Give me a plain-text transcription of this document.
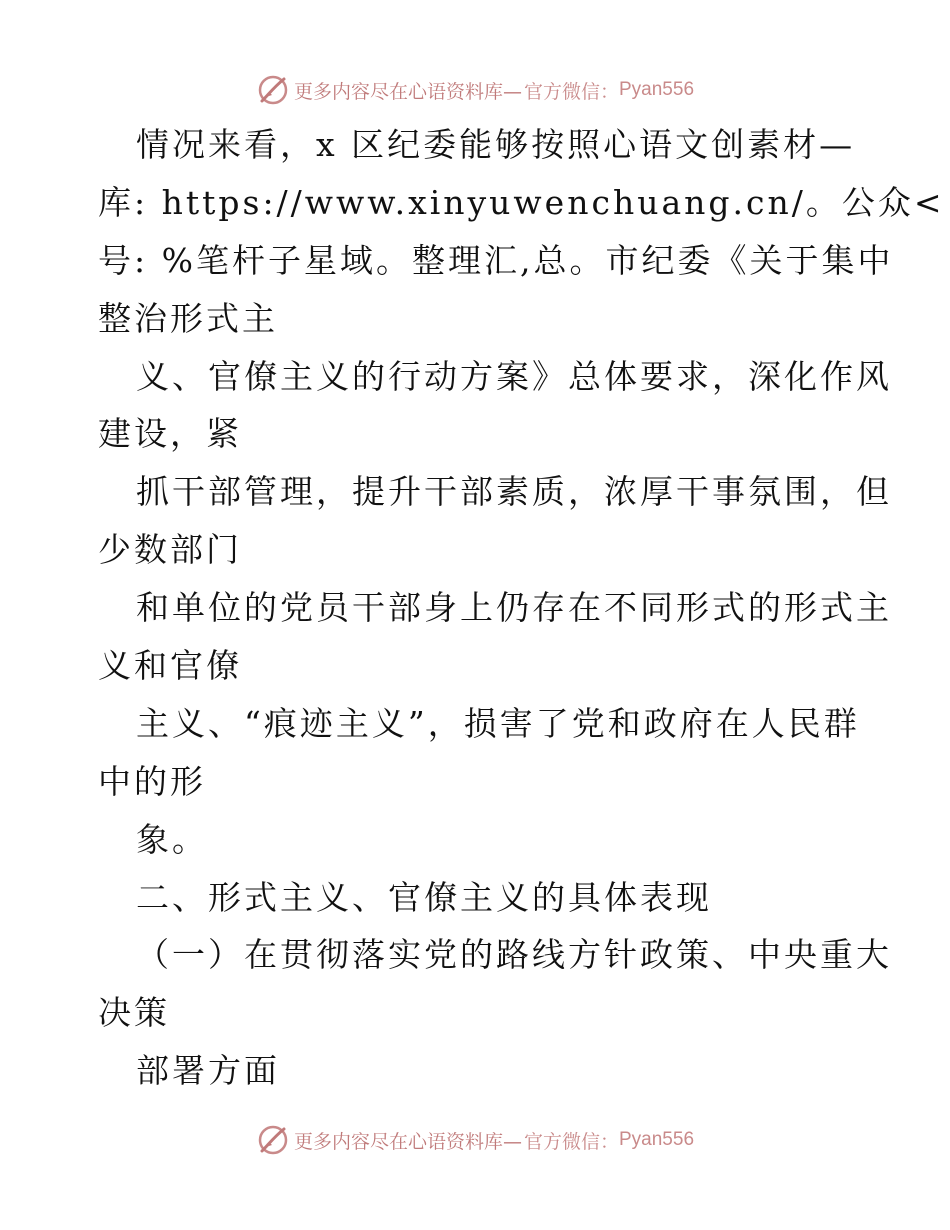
更多内容尽在心语资料库— 官方微信： Pyan556
情况来看，x 区纪委能够按照心语文创素材—
库: https://www.xinyuwenchuang.cn/。公众<
号: %笔杆子星域。整理汇,总。市纪委《关于集中
整治形式主
义、官僚主义的行动方案》总体要求，深化作风
建设，紧
抓干部管理，提升干部素质，浓厚干事氛围，但
少数部门
和单位的党员干部身上仍存在不同形式的形式主
义和官僚
主义、“痕迹主义”，损害了党和政府在人民群
中的形
象。
二、形式主义、官僚主义的具体表现
（一）在贯彻落实党的路线方针政策、中央重大
决策
部署方面
更多内容尽在心语资料库— 官方微信： Pyan556
